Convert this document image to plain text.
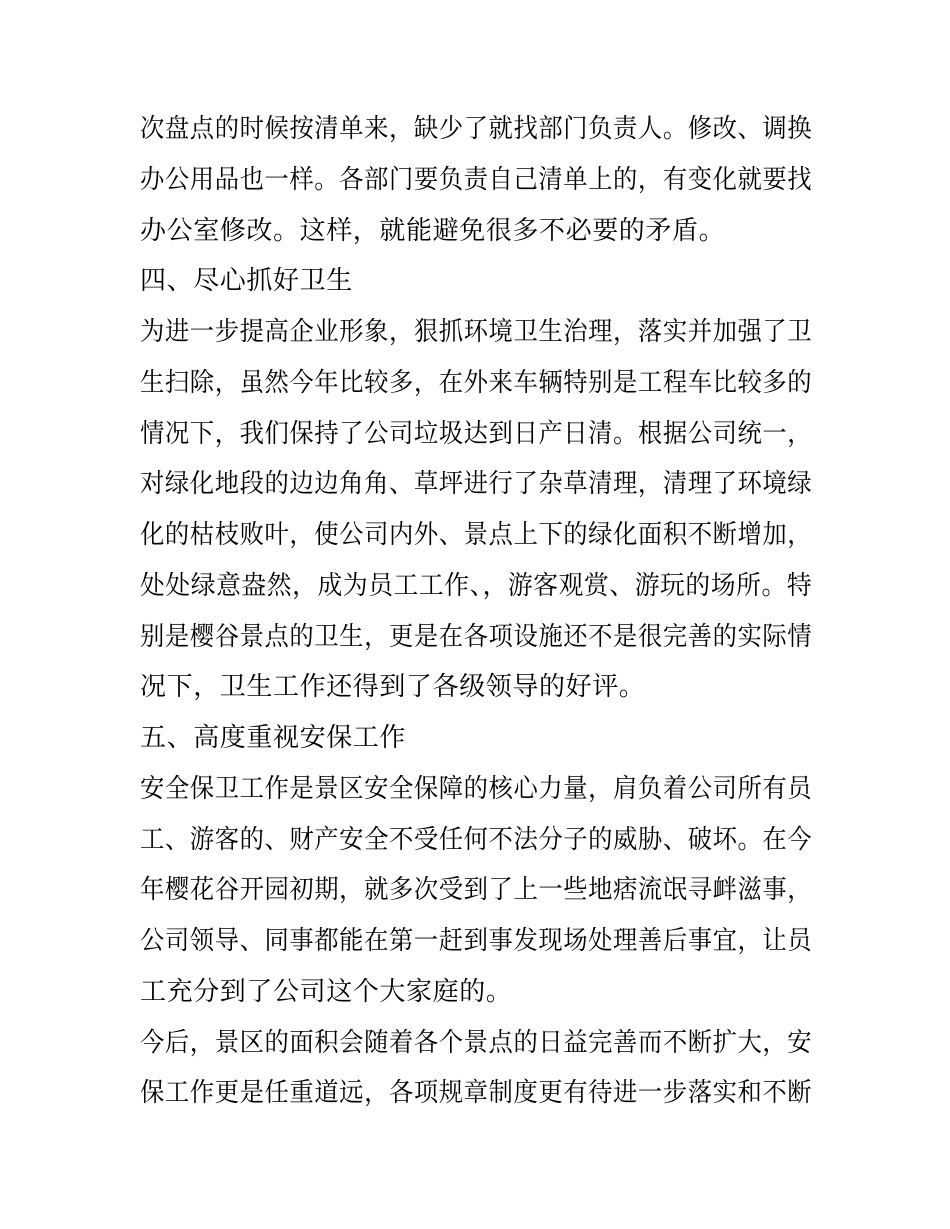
次盘点的时候按清单来，缺少了就找部门负责人。修改、调换
办公用品也一样。各部门要负责自己清单上的，有变化就要找
办公室修改。这样，就能避免很多不必要的矛盾。
四、尽心抓好卫生
为进一步提高企业形象，狠抓环境卫生治理，落实并加强了卫
生扫除，虽然今年比较多，在外来车辆特别是工程车比较多的
情况下，我们保持了公司垃圾达到日产日清。根据公司统一，
对绿化地段的边边角角、草坪进行了杂草清理，清理了环境绿
化的枯枝败叶，使公司内外、景点上下的绿化面积不断增加，
处处绿意盎然，成为员工工作、，游客观赏、游玩的场所。特
别是樱谷景点的卫生，更是在各项设施还不是很完善的实际情
况下，卫生工作还得到了各级领导的好评。
五、高度重视安保工作
安全保卫工作是景区安全保障的核心力量，肩负着公司所有员
工、游客的、财产安全不受任何不法分子的威胁、破坏。在今
年樱花谷开园初期，就多次受到了上一些地痞流氓寻衅滋事，
公司领导、同事都能在第一赶到事发现场处理善后事宜，让员
工充分到了公司这个大家庭的。
今后，景区的面积会随着各个景点的日益完善而不断扩大，安
保工作更是任重道远，各项规章制度更有待进一步落实和不断
